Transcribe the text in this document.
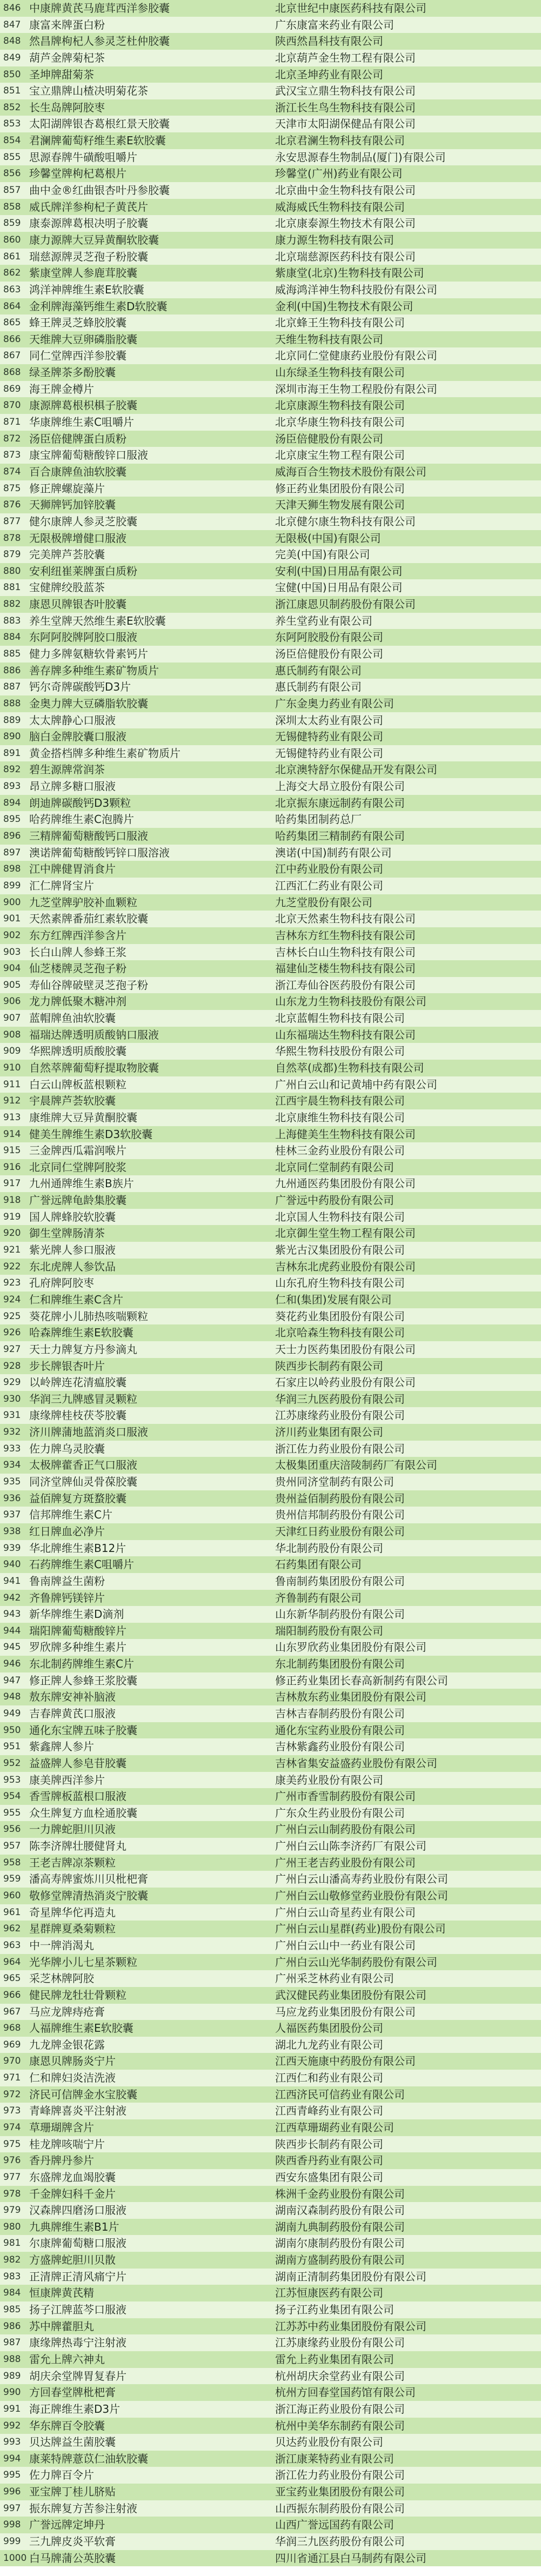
846 中康牌黄芪马鹿茸西洋参胶囊	北京世纪中康医药科技有限公司
847 康富来牌蛋白粉	广东康富来药业有限公司
848 然昌牌枸杞人参灵芝杜仲胶囊	陕西然昌科技有限公司
849 葫芦金牌菊杞茶	北京葫芦金生物工程有限公司
850 圣坤牌甜菊茶	北京圣坤药业有限公司
851 宝立鼎牌山楂决明菊花茶	武汉宝立鼎生物科技有限公司
852 长生岛牌阿胶枣	浙江长生鸟生物科技有限公司
853 太阳湖牌银杏葛根红景天胶囊	天津市太阳湖保健品有限公司
854 君澜牌葡萄籽维生素E软胶囊	北京君澜生物科技有限公司
855 思源春牌牛磺酸咀嚼片	永安思源春生物制品(厦门)有限公司
856 珍馨堂牌枸杞葛根片	珍馨堂(广州)药业有限公司
857 曲中金®红曲银杏叶丹参胶囊	北京曲中金生物科技有限公司
858 威氏牌洋参枸杞子黄芪片	威海威氏生物科技有限公司
859 康泰源牌葛根决明子胶囊	北京康泰源生物技术有限公司
860 康力源牌大豆异黄酮软胶囊	康力源生物科技有限公司
861 瑞慈源牌灵芝孢子粉胶囊	北京瑞慈源医药科技有限公司
862 紫康堂牌人参鹿茸胶囊	紫康堂(北京)生物科技有限公司
863 鸿洋神牌维生素E软胶囊	威海鸿洋神生物科技股份有限公司
864 金利牌海藻钙维生素D软胶囊	金利(中国)生物技术有限公司
865 蜂王牌灵芝蜂胶胶囊	北京蜂王生物科技有限公司
866 天维牌大豆卵磷脂胶囊	天维生物科技有限公司
867 同仁堂牌西洋参胶囊	北京同仁堂健康药业股份有限公司
868 绿圣牌茶多酚胶囊	山东绿圣生物科技有限公司
869 海王牌金樽片	深圳市海王生物工程股份有限公司
870 康源牌葛根枳椇子胶囊	北京康源生物科技有限公司
871 华康牌维生素C咀嚼片	北京华康生物科技有限公司
872 汤臣倍健牌蛋白质粉	汤臣倍健股份有限公司
873 康宝牌葡萄糖酸锌口服液	北京康宝生物工程有限公司
874 百合康牌鱼油软胶囊	威海百合生物技术股份有限公司
875 修正牌螺旋藻片	修正药业集团股份有限公司
876 天狮牌钙加锌胶囊	天津天狮生物发展有限公司
877 健尔康牌人参灵芝胶囊	北京健尔康生物科技有限公司
878 无限极牌增健口服液	无限极(中国)有限公司
879 完美牌芦荟胶囊	完美(中国)有限公司
880 安利纽崔莱牌蛋白质粉	安利(中国)日用品有限公司
881 宝健牌绞股蓝茶	宝健(中国)日用品有限公司
882 康恩贝牌银杏叶胶囊	浙江康恩贝制药股份有限公司
883 养生堂牌天然维生素E软胶囊	养生堂药业有限公司
884 东阿阿胶牌阿胶口服液	东阿阿胶股份有限公司
885 健力多牌氨糖软骨素钙片	汤臣倍健股份有限公司
886 善存牌多种维生素矿物质片	惠氏制药有限公司
887 钙尔奇牌碳酸钙D3片	惠氏制药有限公司
888 金奥力牌大豆磷脂软胶囊	广东金奥力药业有限公司
889 太太牌静心口服液	深圳太太药业有限公司
890 脑白金牌胶囊口服液	无锡健特药业有限公司
891 黄金搭档牌多种维生素矿物质片	无锡健特药业有限公司
892 碧生源牌常润茶	北京澳特舒尔保健品开发有限公司
893 昂立牌多糖口服液	上海交大昂立股份有限公司
894 朗迪牌碳酸钙D3颗粒	北京振东康远制药有限公司
895 哈药牌维生素C泡腾片	哈药集团制药总厂
896 三精牌葡萄糖酸钙口服液	哈药集团三精制药有限公司
897 澳诺牌葡萄糖酸钙锌口服溶液	澳诺(中国)制药有限公司
898 江中牌健胃消食片	江中药业股份有限公司
899 汇仁牌肾宝片	江西汇仁药业有限公司
900 九芝堂牌驴胶补血颗粒	九芝堂股份有限公司
901 天然素牌番茄红素软胶囊	北京天然素生物科技有限公司
902 东方红牌西洋参含片	吉林东方红生物科技有限公司
903 长白山牌人参蜂王浆	吉林长白山生物科技有限公司
904 仙芝楼牌灵芝孢子粉	福建仙芝楼生物科技有限公司
905 寿仙谷牌破壁灵芝孢子粉	浙江寿仙谷医药股份有限公司
906 龙力牌低聚木糖冲剂	山东龙力生物科技股份有限公司
907 蓝帽牌鱼油软胶囊	北京蓝帽生物科技有限公司
908 福瑞达牌透明质酸钠口服液	山东福瑞达生物科技有限公司
909 华熙牌透明质酸胶囊	华熙生物科技股份有限公司
910 自然萃牌葡萄籽提取物胶囊	自然萃(成都)生物科技有限公司
911 白云山牌板蓝根颗粒	广州白云山和记黄埔中药有限公司
912 宇晨牌芦荟软胶囊	江西宇晨生物科技有限公司
913 康维牌大豆异黄酮胶囊	北京康维生物科技有限公司
914 健美生牌维生素D3软胶囊	上海健美生生物科技有限公司
915 三金牌西瓜霜润喉片	桂林三金药业股份有限公司
916 北京同仁堂牌阿胶浆	北京同仁堂制药有限公司
917 九州通牌维生素B族片	九州通医药集团股份有限公司
918 广誉远牌龟龄集胶囊	广誉远中药股份有限公司
919 国人牌蜂胶软胶囊	北京国人生物科技有限公司
920 御生堂牌肠清茶	北京御生堂生物工程有限公司
921 紫光牌人参口服液	紫光古汉集团股份有限公司
922 东北虎牌人参饮品	吉林东北虎药业股份有限公司
923 孔府牌阿胶枣	山东孔府生物科技有限公司
924 仁和牌维生素C含片	仁和(集团)发展有限公司
925 葵花牌小儿肺热咳喘颗粒	葵花药业集团股份有限公司
926 哈森牌维生素E软胶囊	北京哈森生物科技有限公司
927 天士力牌复方丹参滴丸	天士力医药集团股份有限公司
928 步长牌银杏叶片	陕西步长制药有限公司
929 以岭牌连花清瘟胶囊	石家庄以岭药业股份有限公司
930 华润三九牌感冒灵颗粒	华润三九医药股份有限公司
931 康缘牌桂枝茯苓胶囊	江苏康缘药业股份有限公司
932 济川牌蒲地蓝消炎口服液	济川药业集团有限公司
933 佐力牌乌灵胶囊	浙江佐力药业股份有限公司
934 太极牌藿香正气口服液	太极集团重庆涪陵制药厂有限公司
935 同济堂牌仙灵骨葆胶囊	贵州同济堂制药有限公司
936 益佰牌复方斑蝥胶囊	贵州益佰制药股份有限公司
937 信邦牌维生素C片	贵州信邦制药股份有限公司
938 红日牌血必净片	天津红日药业股份有限公司
939 华北牌维生素B12片	华北制药股份有限公司
940 石药牌维生素C咀嚼片	石药集团有限公司
941 鲁南牌益生菌粉	鲁南制药集团股份有限公司
942 齐鲁牌钙镁锌片	齐鲁制药有限公司
943 新华牌维生素D滴剂	山东新华制药股份有限公司
944 瑞阳牌葡萄糖酸锌片	瑞阳制药股份有限公司
945 罗欣牌多种维生素片	山东罗欣药业集团股份有限公司
946 东北制药牌维生素C片	东北制药集团股份有限公司
947 修正牌人参蜂王浆胶囊	修正药业集团长春高新制药有限公司
948 敖东牌安神补脑液	吉林敖东药业集团股份有限公司
949 吉春牌黄芪口服液	吉林吉春制药股份有限公司
950 通化东宝牌五味子胶囊	通化东宝药业股份有限公司
951 紫鑫牌人参片	吉林紫鑫药业股份有限公司
952 益盛牌人参皂苷胶囊	吉林省集安益盛药业股份有限公司
953 康美牌西洋参片	康美药业股份有限公司
954 香雪牌板蓝根口服液	广州市香雪制药股份有限公司
955 众生牌复方血栓通胶囊	广东众生药业股份有限公司
956 一力牌蛇胆川贝液	广州白云山制药股份有限公司
957 陈李济牌壮腰健肾丸	广州白云山陈李济药厂有限公司
958 王老吉牌凉茶颗粒	广州王老吉药业股份有限公司
959 潘高寿牌蜜炼川贝枇杷膏	广州白云山潘高寿药业股份有限公司
960 敬修堂牌清热消炎宁胶囊	广州白云山敬修堂药业股份有限公司
961 奇星牌华佗再造丸	广州白云山奇星药业有限公司
962 星群牌夏桑菊颗粒	广州白云山星群(药业)股份有限公司
963 中一牌消渴丸	广州白云山中一药业有限公司
964 光华牌小儿七星茶颗粒	广州白云山光华制药股份有限公司
965 采芝林牌阿胶	广州采芝林药业有限公司
966 健民牌龙牡壮骨颗粒	武汉健民药业集团股份有限公司
967 马应龙牌痔疮膏	马应龙药业集团股份有限公司
968 人福牌维生素E软胶囊	人福医药集团股份公司
969 九龙牌金银花露	湖北九龙药业有限公司
970 康恩贝牌肠炎宁片	江西天施康中药股份有限公司
971 仁和牌妇炎洁洗液	江西仁和药业有限公司
972 济民可信牌金水宝胶囊	江西济民可信药业有限公司
973 青峰牌喜炎平注射液	江西青峰药业有限公司
974 草珊瑚牌含片	江西草珊瑚药业有限公司
975 桂龙牌咳喘宁片	陕西步长制药有限公司
976 香丹牌丹参片	陕西香丹药业有限公司
977 东盛牌龙血竭胶囊	西安东盛集团有限公司
978 千金牌妇科千金片	株洲千金药业股份有限公司
979 汉森牌四磨汤口服液	湖南汉森制药股份有限公司
980 九典牌维生素B1片	湖南九典制药股份有限公司
981 尔康牌葡萄糖口服液	湖南尔康制药股份有限公司
982 方盛牌蛇胆川贝散	湖南方盛制药股份有限公司
983 正清牌正清风痛宁片	湖南正清制药集团股份有限公司
984 恒康牌黄芪精	江苏恒康医药有限公司
985 扬子江牌蓝芩口服液	扬子江药业集团有限公司
986 苏中牌藿胆丸	江苏苏中药业集团股份有限公司
987 康缘牌热毒宁注射液	江苏康缘药业股份有限公司
988 雷允上牌六神丸	雷允上药业集团有限公司
989 胡庆余堂牌胃复春片	杭州胡庆余堂药业有限公司
990 方回春堂牌枇杷膏	杭州方回春堂国药馆有限公司
991 海正牌维生素D3片	浙江海正药业股份有限公司
992 华东牌百令胶囊	杭州中美华东制药有限公司
993 贝达牌益生菌胶囊	贝达药业股份有限公司
994 康莱特牌薏苡仁油软胶囊	浙江康莱特药业有限公司
995 佐力牌百令片	浙江佐力药业股份有限公司
996 亚宝牌丁桂儿脐贴	亚宝药业集团股份有限公司
997 振东牌复方苦参注射液	山西振东制药股份有限公司
998 广誉远牌定坤丹	山西广誉远国药有限公司
999 三九牌皮炎平软膏	华润三九医药股份有限公司
1000 白马牌蒲公英胶囊	四川省通江县白马制药有限公司
